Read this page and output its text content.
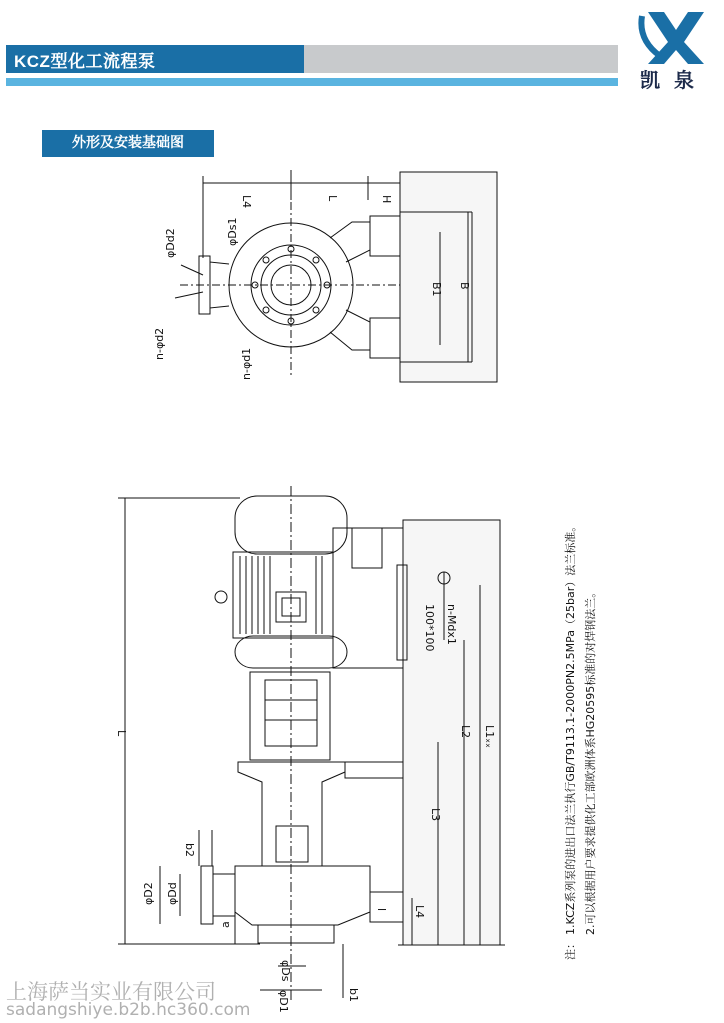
KCZ型化工流程泵
凯泉
外形及安装基础图
L4	L	H
φDd2	φDs1
n-φd2
n-φd1
B1 B
L
100*100 n-Mdx1
L1ₓₓ
L2
L3
L4
b2
φD2 φDd
a
φDs
φD1	b1
l
注：
1.KCZ系列泵的进出口法兰执行GB/T9113.1-2000PN2.5MPa（25bar）法兰标准。 2.可以根据用户要求提供化工部欧洲体系HG20595标准的对焊钢法兰。
上海萨当实业有限公司
sadangshiye.b2b.hc360.com
